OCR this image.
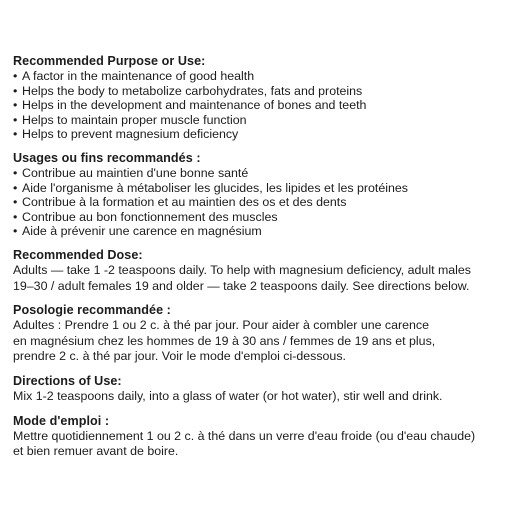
Recommended Purpose or Use:
• A factor in the maintenance of good health
• Helps the body to metabolize carbohydrates, fats and proteins
• Helps in the development and maintenance of bones and teeth
• Helps to maintain proper muscle function
• Helps to prevent magnesium deficiency
Usages ou fins recommandés :
• Contribue au maintien d'une bonne santé
• Aide l'organisme à métaboliser les glucides, les lipides et les protéines
• Contribue à la formation et au maintien des os et des dents
• Contribue au bon fonctionnement des muscles
• Aide à prévenir une carence en magnésium
Recommended Dose:

Adults — take 1 -2 teaspoons daily. To help with magnesium deficiency, adult males
19–30 / adult females 19 and older — take 2 teaspoons daily. See directions below.

Posologie recommandée :

Adultes : Prendre 1 ou 2 c. à thé par jour. Pour aider à combler une carence
en magnésium chez les hommes de 19 à 30 ans / femmes de 19 ans et plus,
prendre 2 c. à thé par jour. Voir le mode d'emploi ci-dessous.

Directions of Use:

Mix 1-2 teaspoons daily, into a glass of water (or hot water), stir well and drink.

Mode d'emploi :

Mettre quotidiennement 1 ou 2 c. à thé dans un verre d'eau froide (ou d'eau chaude)
et bien remuer avant de boire.
